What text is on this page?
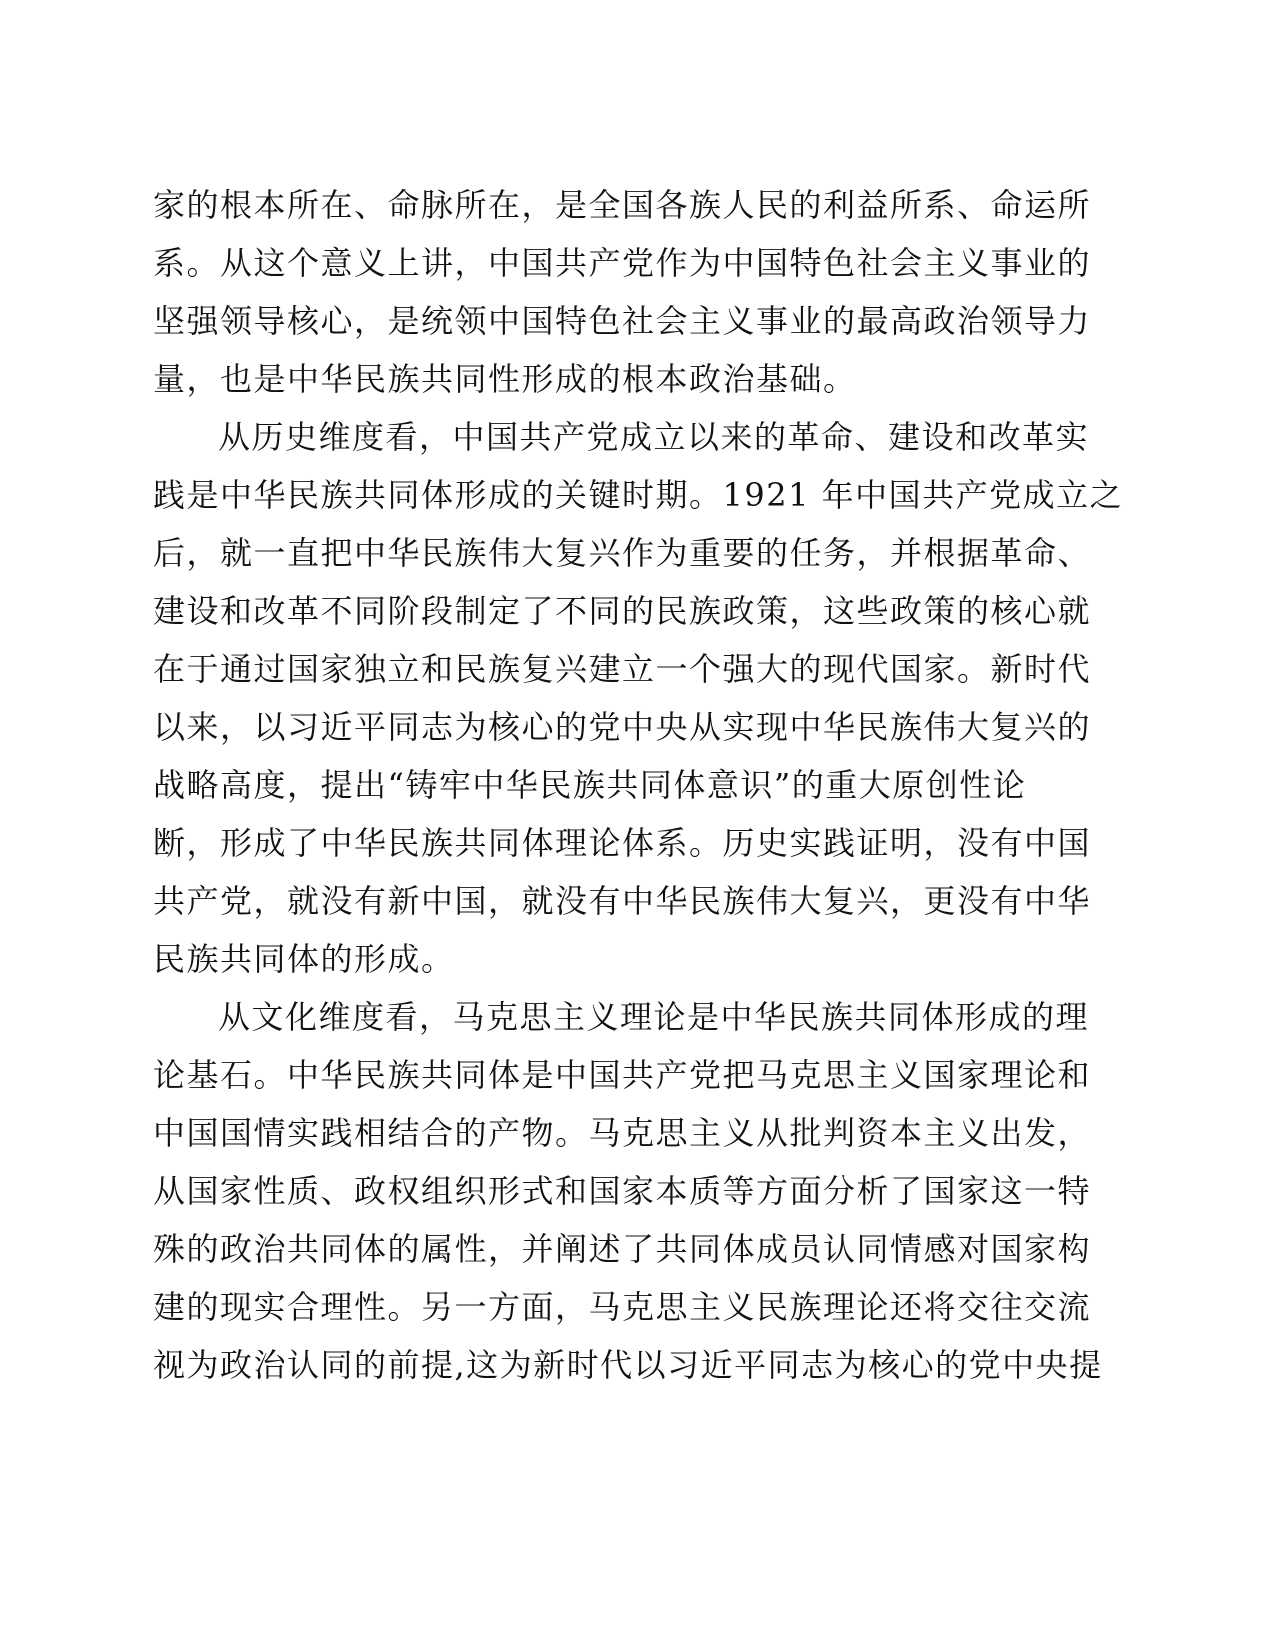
家的根本所在、命脉所在，是全国各族人民的利益所系、命运所
系。从这个意义上讲，中国共产党作为中国特色社会主义事业的
坚强领导核心，是统领中国特色社会主义事业的最高政治领导力
量，也是中华民族共同性形成的根本政治基础。
从历史维度看，中国共产党成立以来的革命、建设和改革实
践是中华民族共同体形成的关键时期。1921 年中国共产党成立之
后，就一直把中华民族伟大复兴作为重要的任务，并根据革命、
建设和改革不同阶段制定了不同的民族政策，这些政策的核心就
在于通过国家独立和民族复兴建立一个强大的现代国家。新时代
以来，以习近平同志为核心的党中央从实现中华民族伟大复兴的
战略高度，提出“铸牢中华民族共同体意识”的重大原创性论
断，形成了中华民族共同体理论体系。历史实践证明，没有中国
共产党，就没有新中国，就没有中华民族伟大复兴，更没有中华
民族共同体的形成。
从文化维度看，马克思主义理论是中华民族共同体形成的理
论基石。中华民族共同体是中国共产党把马克思主义国家理论和
中国国情实践相结合的产物。马克思主义从批判资本主义出发，
从国家性质、政权组织形式和国家本质等方面分析了国家这一特
殊的政治共同体的属性，并阐述了共同体成员认同情感对国家构
建的现实合理性。另一方面，马克思主义民族理论还将交往交流
视为政治认同的前提,这为新时代以习近平同志为核心的党中央提
